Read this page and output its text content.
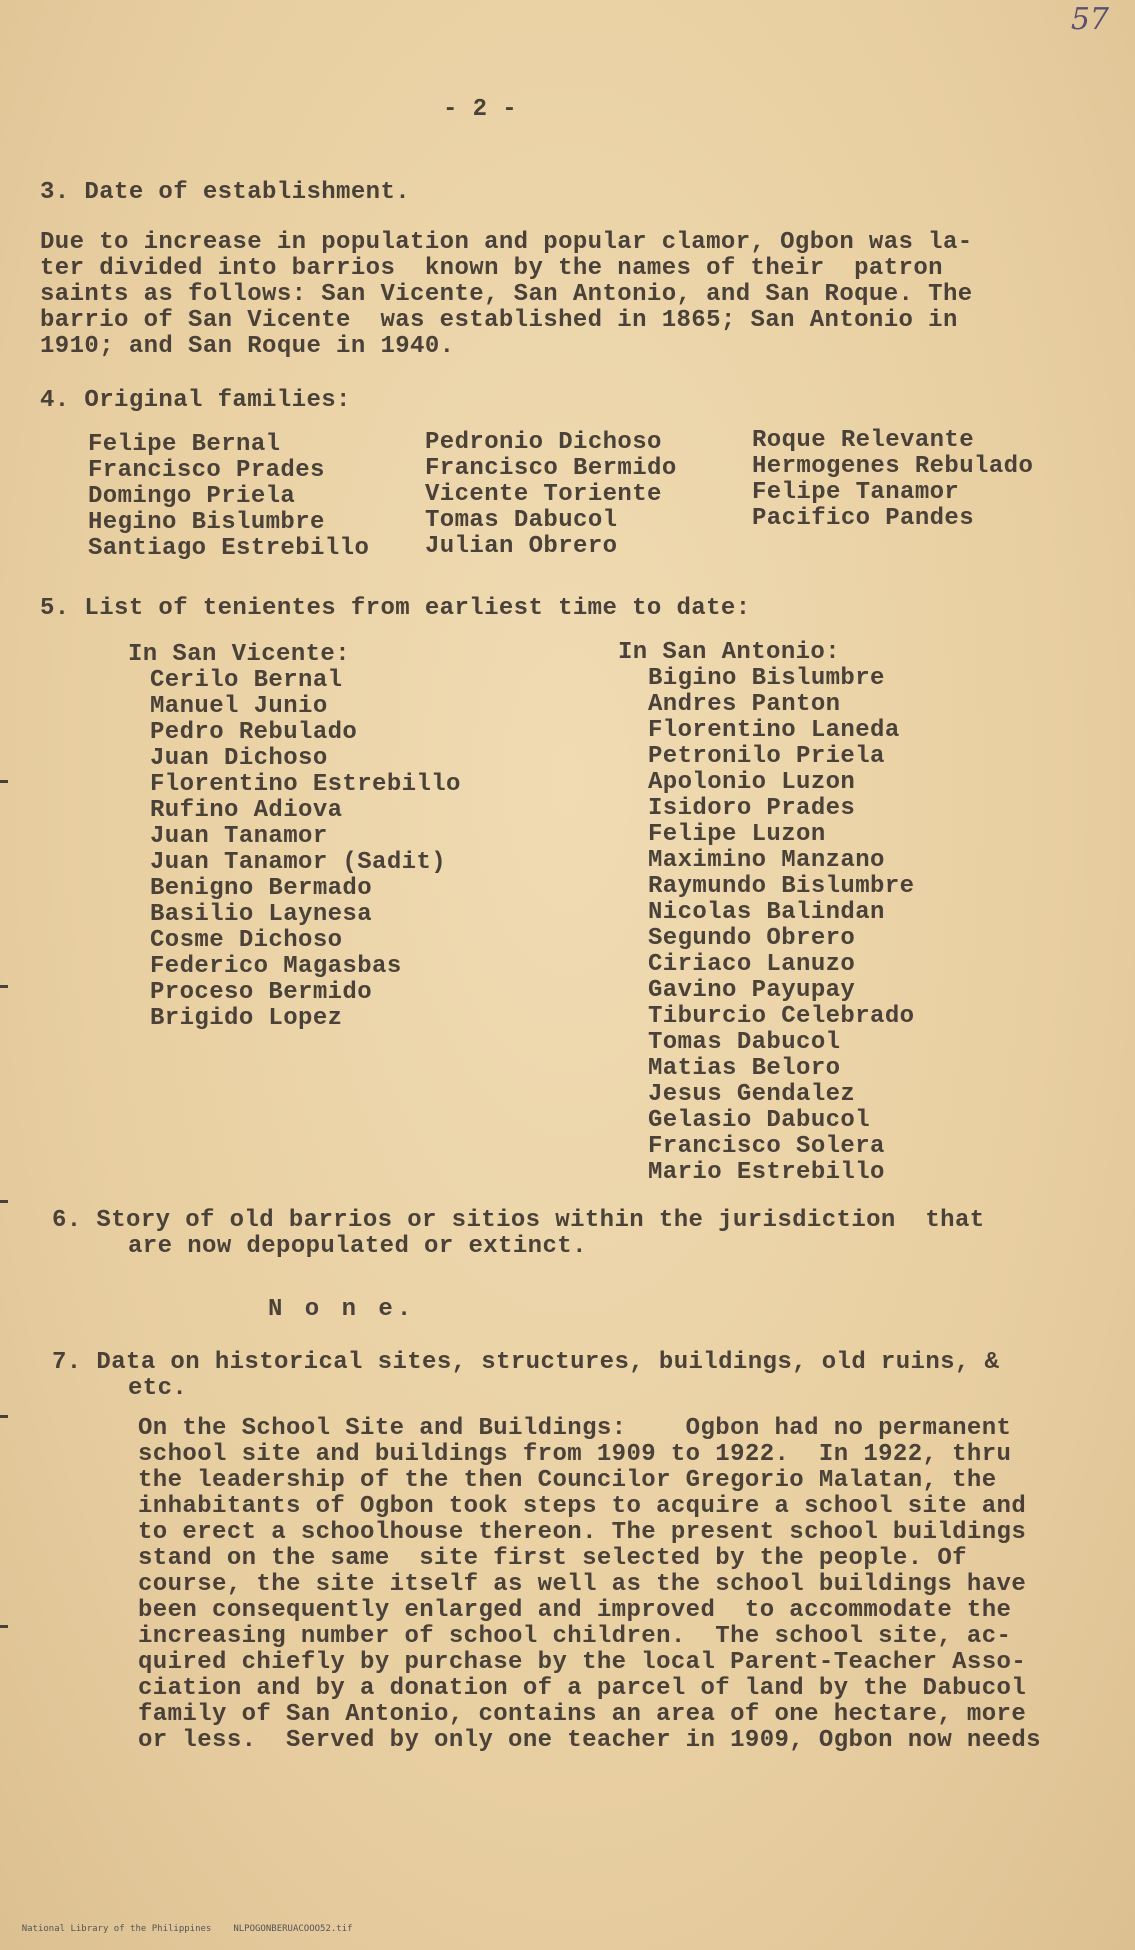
57
- 2 -
3. Date of establishment.
Due to increase in population and popular clamor, Ogbon was la-
ter divided into barrios  known by the names of their  patron
saints as follows: San Vicente, San Antonio, and San Roque. The
barrio of San Vicente  was established in 1865; San Antonio in
1910; and San Roque in 1940.
4. Original families:
Felipe Bernal
Francisco Prades
Domingo Priela
Hegino Bislumbre
Santiago Estrebillo
Pedronio Dichoso
Francisco Bermido
Vicente Toriente
Tomas Dabucol
Julian Obrero
Roque Relevante
Hermogenes Rebulado
Felipe Tanamor
Pacifico Pandes
5. List of tenientes from earliest time to date:
In San Vicente:
Cerilo Bernal
Manuel Junio
Pedro Rebulado
Juan Dichoso
Florentino Estrebillo
Rufino Adiova
Juan Tanamor
Juan Tanamor (Sadit)
Benigno Bermado
Basilio Laynesa
Cosme Dichoso
Federico Magasbas
Proceso Bermido
Brigido Lopez
In San Antonio:
Bigino Bislumbre
Andres Panton
Florentino Laneda
Petronilo Priela
Apolonio Luzon
Isidoro Prades
Felipe Luzon
Maximino Manzano
Raymundo Bislumbre
Nicolas Balindan
Segundo Obrero
Ciriaco Lanuzo
Gavino Payupay
Tiburcio Celebrado
Tomas Dabucol
Matias Beloro
Jesus Gendalez
Gelasio Dabucol
Francisco Solera
Mario Estrebillo
6. Story of old barrios or sitios within the jurisdiction  that
are now depopulated or extinct.
N o n e.
7. Data on historical sites, structures, buildings, old ruins, &
etc.
On the School Site and Buildings:    Ogbon had no permanent
school site and buildings from 1909 to 1922.  In 1922, thru
the leadership of the then Councilor Gregorio Malatan, the
inhabitants of Ogbon took steps to acquire a school site and
to erect a schoolhouse thereon. The present school buildings
stand on the same  site first selected by the people. Of
course, the site itself as well as the school buildings have
been consequently enlarged and improved  to accommodate the
increasing number of school children.  The school site, ac-
quired chiefly by purchase by the local Parent-Teacher Asso-
ciation and by a donation of a parcel of land by the Dabucol
family of San Antonio, contains an area of one hectare, more
or less.  Served by only one teacher in 1909, Ogbon now needs

National Library of the Philippines NLPOGONBERUACOOO52.tif
